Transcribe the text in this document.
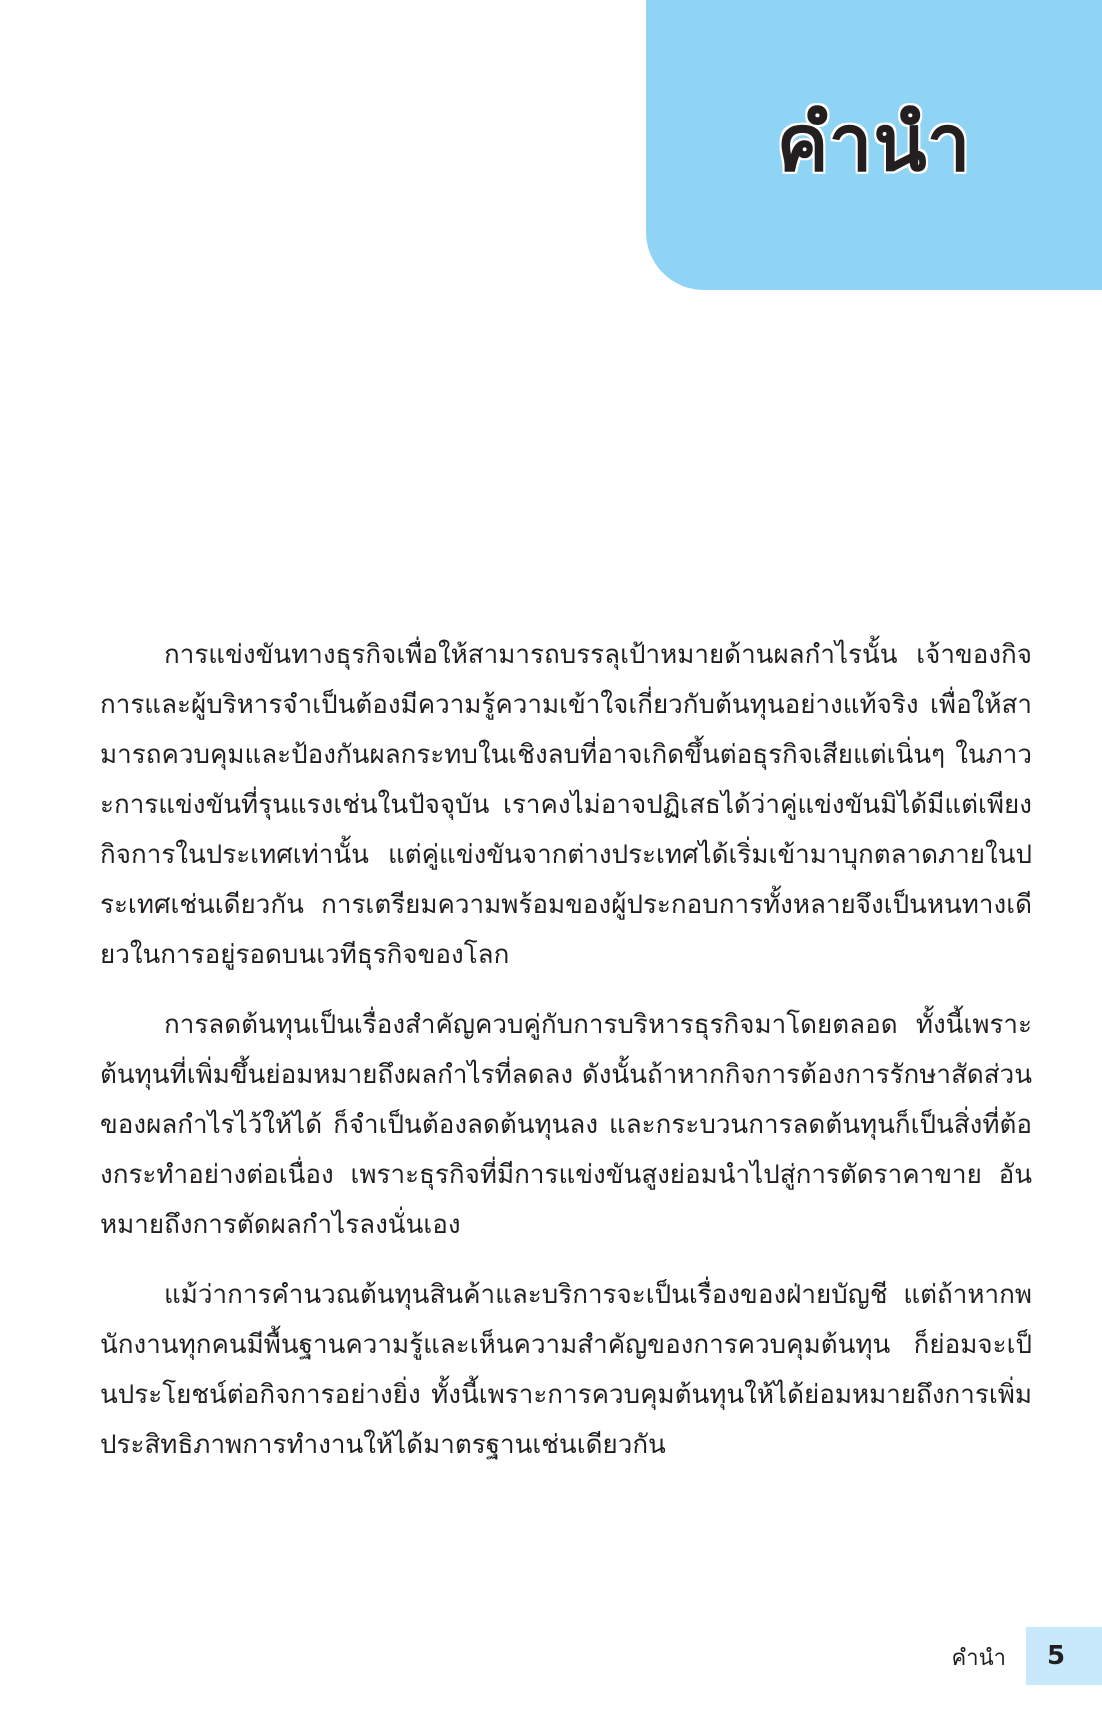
คำนำ

การแข่งขันทางธุรกิจเพื่อให้สามารถบรรลุเป้าหมายด้านผลกำไรนั้น เจ้าของกิจการและผู้บริหารจำเป็นต้องมีความรู้ความเข้าใจเกี่ยวกับต้นทุนอย่างแท้จริง เพื่อให้สามารถควบคุมและป้องกันผลกระทบในเชิงลบที่อาจเกิดขึ้นต่อธุรกิจเสียแต่เนิ่นๆ ในภาวะการแข่งขันที่รุนแรงเช่นในปัจจุบัน เราคงไม่อาจปฏิเสธได้ว่าคู่แข่งขันมิได้มีแต่เพียงกิจการในประเทศเท่านั้น แต่คู่แข่งขันจากต่างประเทศได้เริ่มเข้ามาบุกตลาดภายในประเทศเช่นเดียวกัน การเตรียมความพร้อมของผู้ประกอบการทั้งหลายจึงเป็นหนทางเดียวในการอยู่รอดบนเวทีธุรกิจของโลก

การลดต้นทุนเป็นเรื่องสำคัญควบคู่กับการบริหารธุรกิจมาโดยตลอด ทั้งนี้เพราะต้นทุนที่เพิ่มขึ้นย่อมหมายถึงผลกำไรที่ลดลง ดังนั้นถ้าหากกิจการต้องการรักษาสัดส่วนของผลกำไรไว้ให้ได้ ก็จำเป็นต้องลดต้นทุนลง และกระบวนการลดต้นทุนก็เป็นสิ่งที่ต้องกระทำอย่างต่อเนื่อง เพราะธุรกิจที่มีการแข่งขันสูงย่อมนำไปสู่การตัดราคาขาย อันหมายถึงการตัดผลกำไรลงนั่นเอง

แม้ว่าการคำนวณต้นทุนสินค้าและบริการจะเป็นเรื่องของฝ่ายบัญชี แต่ถ้าหากพนักงานทุกคนมีพื้นฐานความรู้และเห็นความสำคัญของการควบคุมต้นทุน ก็ย่อมจะเป็นประโยชน์ต่อกิจการอย่างยิ่ง ทั้งนี้เพราะการควบคุมต้นทุนให้ได้ย่อมหมายถึงการเพิ่มประสิทธิภาพการทำงานให้ได้มาตรฐานเช่นเดียวกัน

คำนำ	5
